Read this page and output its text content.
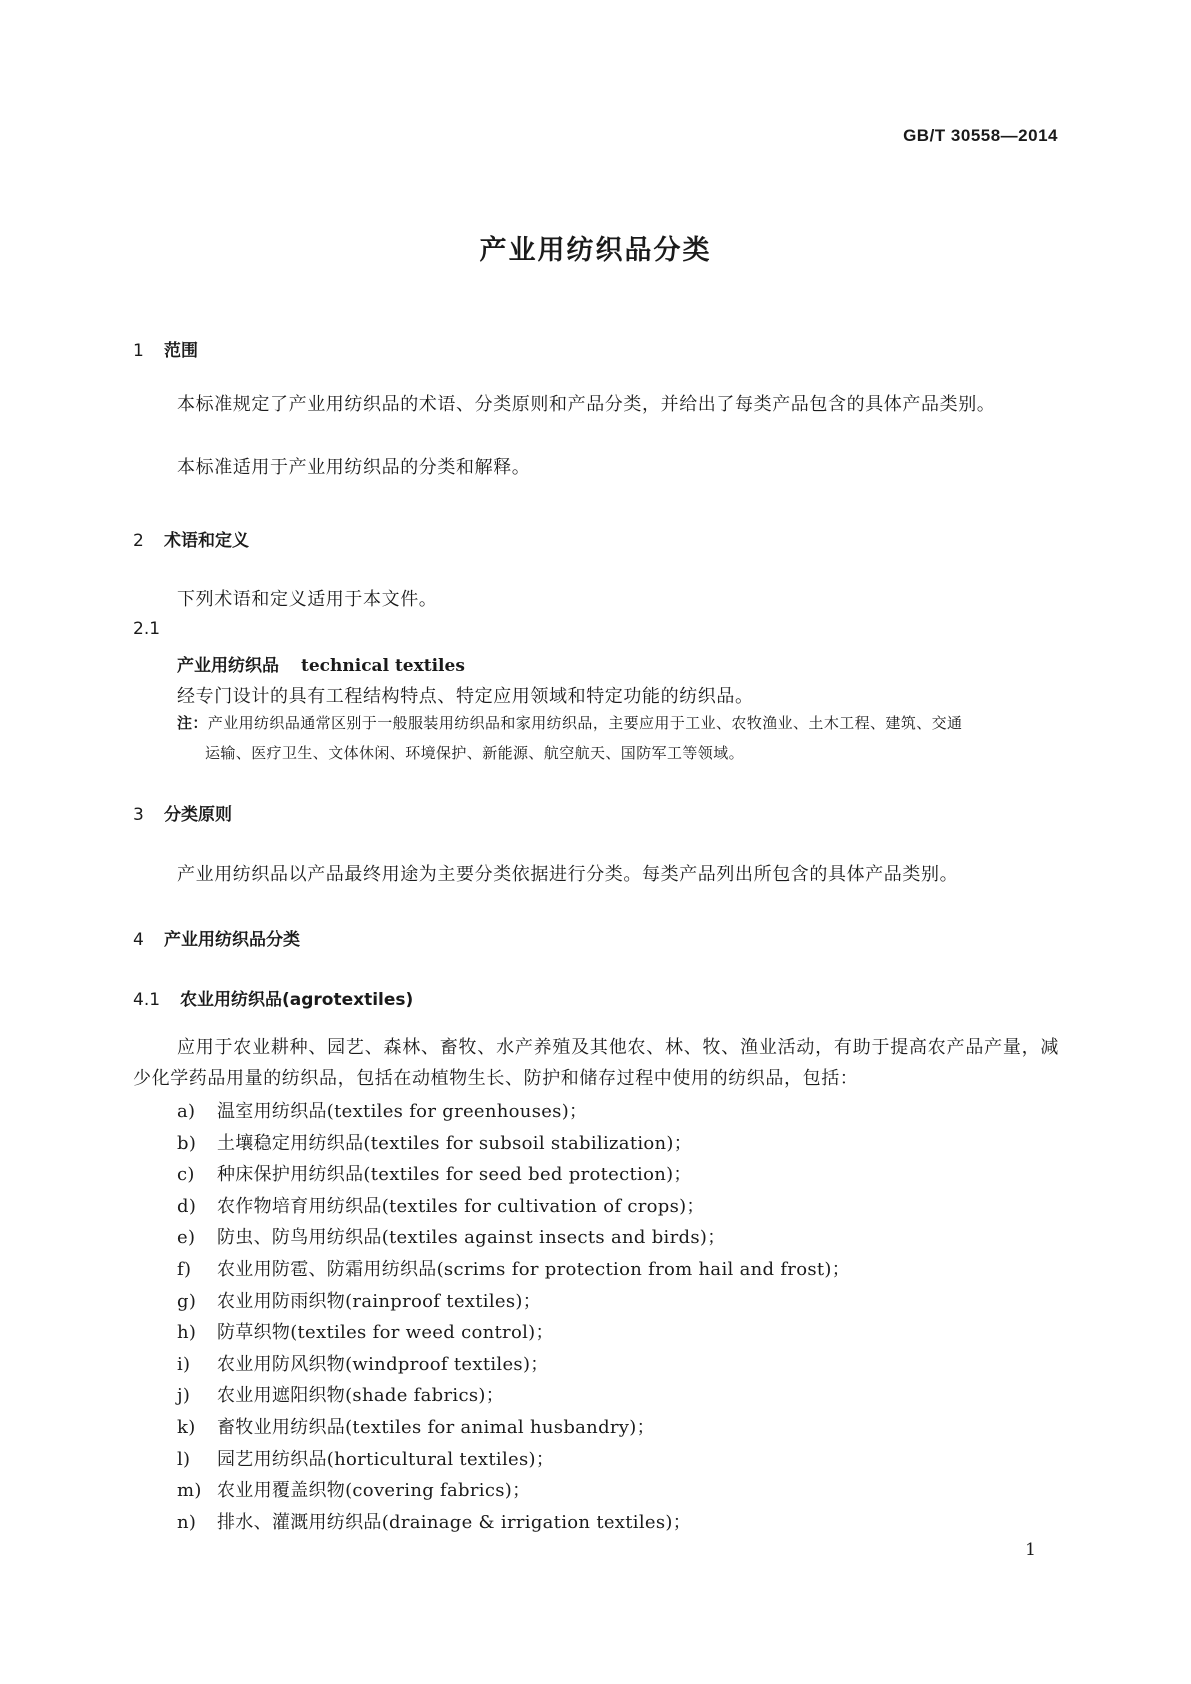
GB/T 30558—2014
产业用纺织品分类
1 范围
本标准规定了产业用纺织品的术语、分类原则和产品分类，并给出了每类产品包含的具体产品类别。
本标准适用于产业用纺织品的分类和解释。
2 术语和定义
下列术语和定义适用于本文件。
2.1
产业用纺织品 technical textiles
经专门设计的具有工程结构特点、特定应用领域和特定功能的纺织品。
注：产业用纺织品通常区别于一般服装用纺织品和家用纺织品，主要应用于工业、农牧渔业、土木工程、建筑、交通
运输、医疗卫生、文体休闲、环境保护、新能源、航空航天、国防军工等领域。
3 分类原则
产业用纺织品以产品最终用途为主要分类依据进行分类。每类产品列出所包含的具体产品类别。
4 产业用纺织品分类
4.1 农业用纺织品(agrotextiles)
应用于农业耕种、园艺、森林、畜牧、水产养殖及其他农、林、牧、渔业活动，有助于提高农产品产量，减少化学药品用量的纺织品，包括在动植物生长、防护和储存过程中使用的纺织品，包括：
a) 温室用纺织品(textiles for greenhouses)；
b) 土壤稳定用纺织品(textiles for subsoil stabilization)；
c) 种床保护用纺织品(textiles for seed bed protection)；
d) 农作物培育用纺织品(textiles for cultivation of crops)；
e) 防虫、防鸟用纺织品(textiles against insects and birds)；
f) 农业用防雹、防霜用纺织品(scrims for protection from hail and frost)；
g) 农业用防雨织物(rainproof textiles)；
h) 防草织物(textiles for weed control)；
i) 农业用防风织物(windproof textiles)；
j) 农业用遮阳织物(shade fabrics)；
k) 畜牧业用纺织品(textiles for animal husbandry)；
l) 园艺用纺织品(horticultural textiles)；
m) 农业用覆盖织物(covering fabrics)；
n) 排水、灌溉用纺织品(drainage & irrigation textiles)；
1
